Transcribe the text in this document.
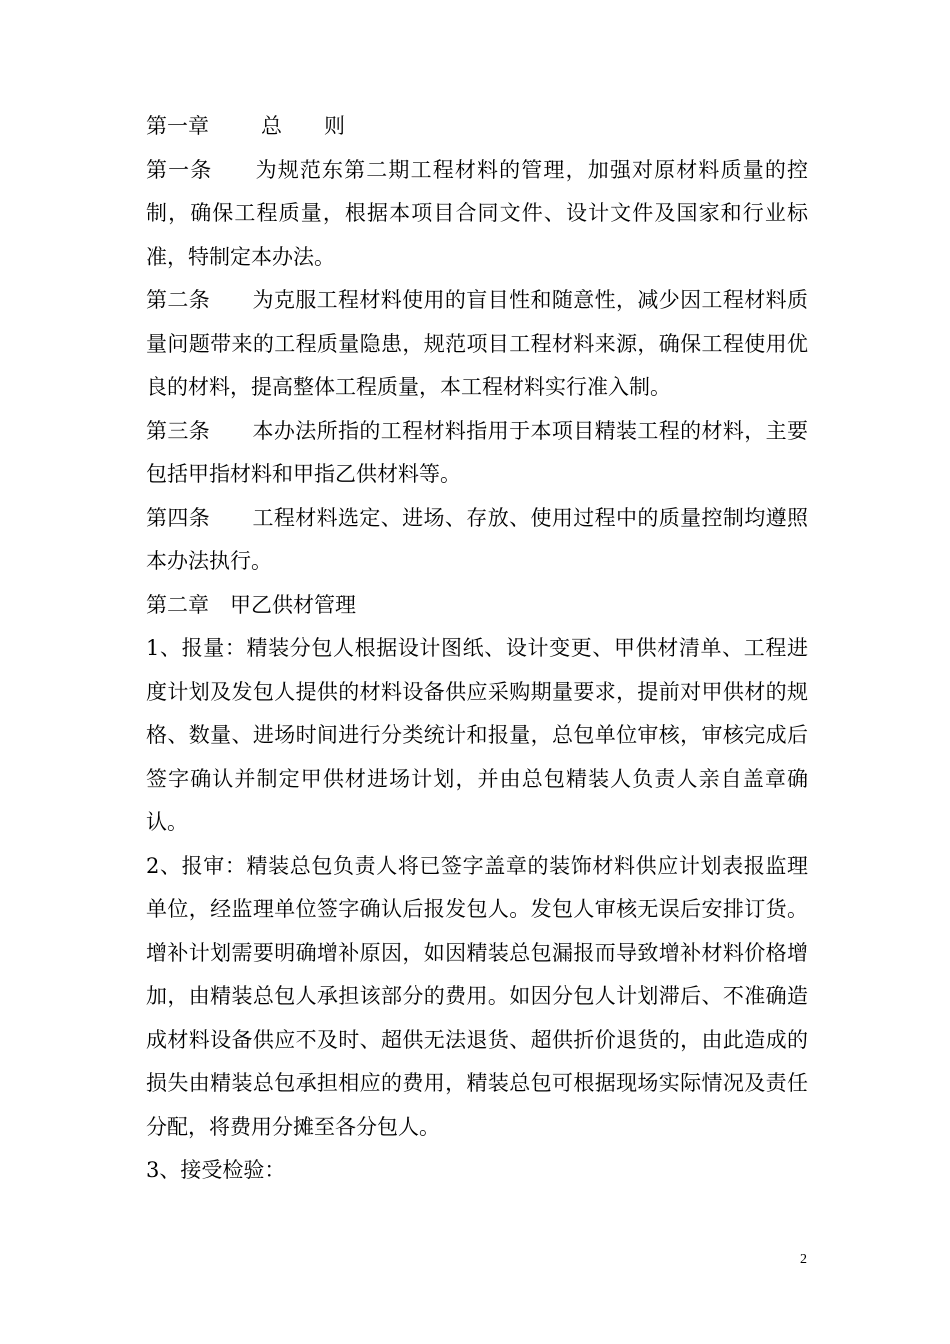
第一章 总　　则

第一条 为规范东第二期工程材料的管理，加强对原材料质量的控制，确保工程质量，根据本项目合同文件、设计文件及国家和行业标准，特制定本办法。

第二条 为克服工程材料使用的盲目性和随意性，减少因工程材料质量问题带来的工程质量隐患，规范项目工程材料来源，确保工程使用优良的材料，提高整体工程质量，本工程材料实行准入制。

第三条 本办法所指的工程材料指用于本项目精装工程的材料，主要包括甲指材料和甲指乙供材料等。

第四条 工程材料选定、进场、存放、使用过程中的质量控制均遵照本办法执行。

第二章 甲乙供材管理

1、报量：精装分包人根据设计图纸、设计变更、甲供材清单、工程进度计划及发包人提供的材料设备供应采购期量要求，提前对甲供材的规格、数量、进场时间进行分类统计和报量，总包单位审核，审核完成后签字确认并制定甲供材进场计划，并由总包精装人负责人亲自盖章确认。

2、报审：精装总包负责人将已签字盖章的装饰材料供应计划表报监理单位，经监理单位签字确认后报发包人。发包人审核无误后安排订货。增补计划需要明确增补原因，如因精装总包漏报而导致增补材料价格增加，由精装总包人承担该部分的费用。如因分包人计划滞后、不准确造成材料设备供应不及时、超供无法退货、超供折价退货的，由此造成的损失由精装总包承担相应的费用，精装总包可根据现场实际情况及责任分配，将费用分摊至各分包人。

3、接受检验：

2
